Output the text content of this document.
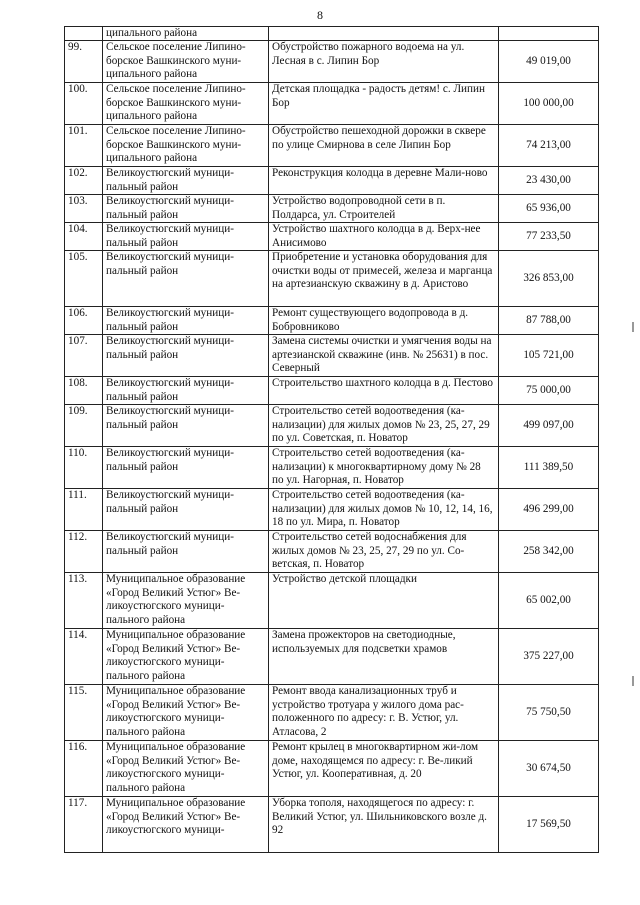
8
	ципального района		
99.	Сельское поселение Липино-борское Вашкинского муни-ципального района	Обустройство пожарного водоема на ул. Лесная в с. Липин Бор	49 019,00
100.	Сельское поселение Липино-борское Вашкинского муни-ципального района	Детская площадка - радость детям! с. Липин Бор	100 000,00
101.	Сельское поселение Липино-борское Вашкинского муни-ципального района	Обустройство пешеходной дорожки в сквере по улице Смирнова в селе Липин Бор	74 213,00
102.	Великоустюгский муници-пальный район	Реконструкция колодца в деревне Мали-ново	23 430,00
103.	Великоустюгский муници-пальный район	Устройство водопроводной сети в п. Полдарса, ул. Строителей	65 936,00
104.	Великоустюгский муници-пальный район	Устройство шахтного колодца в д. Верх-нее Анисимово	77 233,50
105.	Великоустюгский муници-пальный район	Приобретение и установка оборудования для очистки воды от примесей, железа и марганца на артезианскую скважину в д. Аристово	326 853,00
106.	Великоустюгский муници-пальный район	Ремонт существующего водопровода в д. Бобровниково	87 788,00
107.	Великоустюгский муници-пальный район	Замена системы очистки и умягчения воды на артезианской скважине (инв. № 25631) в пос. Северный	105 721,00
108.	Великоустюгский муници-пальный район	Строительство шахтного колодца в д. Пестово	75 000,00
109.	Великоустюгский муници-пальный район	Строительство сетей водоотведения (ка-нализации) для жилых домов № 23, 25, 27, 29 по ул. Советская, п. Новатор	499 097,00
110.	Великоустюгский муници-пальный район	Строительство сетей водоотведения (ка-нализации) к многоквартирному дому № 28 по ул. Нагорная, п. Новатор	111 389,50
111.	Великоустюгский муници-пальный район	Строительство сетей водоотведения (ка-нализации) для жилых домов № 10, 12, 14, 16, 18 по ул. Мира, п. Новатор	496 299,00
112.	Великоустюгский муници-пальный район	Строительство сетей водоснабжения для жилых домов № 23, 25, 27, 29 по ул. Со-ветская, п. Новатор	258 342,00
113.	Муниципальное образование «Город Великий Устюг» Ве-ликоустюгского муници-пального района	Устройство детской площадки	65 002,00
114.	Муниципальное образование «Город Великий Устюг» Ве-ликоустюгского муници-пального района	Замена прожекторов на светодиодные, используемых для подсветки храмов	375 227,00
115.	Муниципальное образование «Город Великий Устюг» Ве-ликоустюгского муници-пального района	Ремонт ввода канализационных труб и устройство тротуара у жилого дома рас-положенного по адресу: г. В. Устюг, ул. Атласова, 2	75 750,50
116.	Муниципальное образование «Город Великий Устюг» Ве-ликоустюгского муници-пального района	Ремонт крылец в многоквартирном жи-лом доме, находящемся по адресу: г. Ве-ликий Устюг, ул. Кооперативная, д. 20	30 674,50
117.	Муниципальное образование «Город Великий Устюг» Ве-ликоустюгского муници-	Уборка тополя, находящегося по адресу: г. Великий Устюг, ул. Шильниковского возле д. 92	17 569,50
